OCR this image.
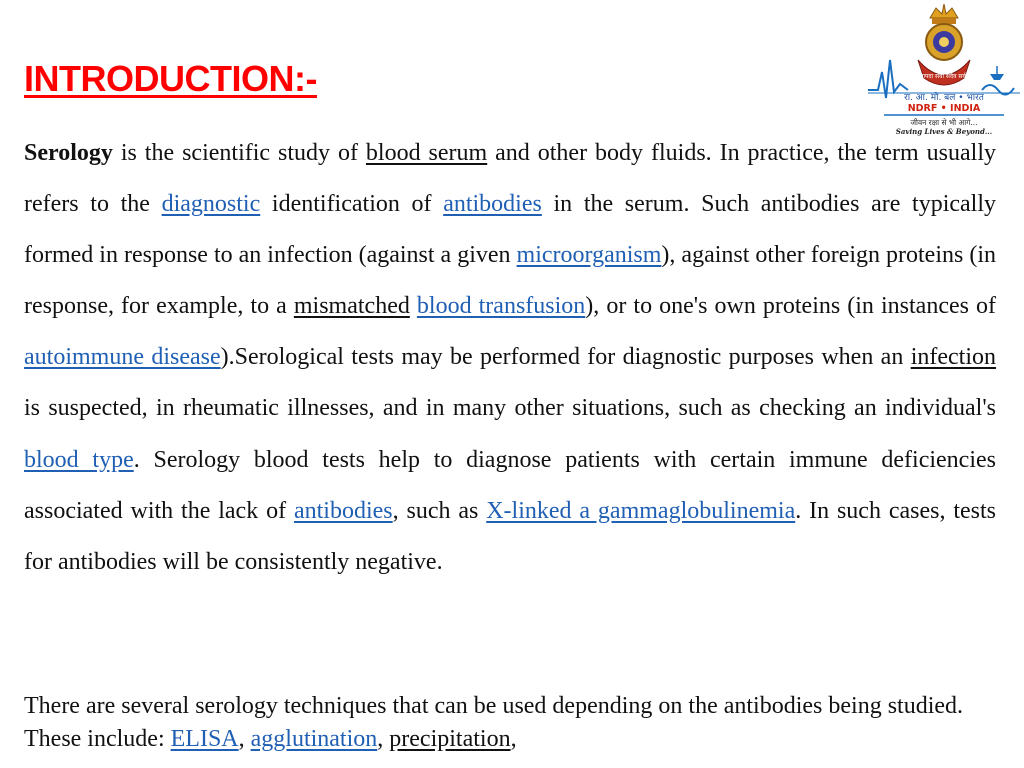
INTRODUCTION:-	आपदा सेवा सदैव सर्वत्र
रा. आ. मो. बल • भारत
NDRF • INDIA
जीवन रक्षा से भी आगे...
Saving Lives & Beyond...

Serology is the scientific study of blood serum and other body fluids. In practice, the term usually refers to the diagnostic identification of antibodies in the serum. Such antibodies are typically formed in response to an infection (against a given microorganism), against other foreign proteins (in response, for example, to a mismatched blood transfusion), or to one's own proteins (in instances of autoimmune disease).Serological tests may be performed for diagnostic purposes when an infection is suspected, in rheumatic illnesses, and in many other situations, such as checking an individual's blood type. Serology blood tests help to diagnose patients with certain immune deficiencies associated with the lack of antibodies, such as X-linked a gammaglobulinemia. In such cases, tests for antibodies will be consistently negative.

There are several serology techniques that can be used depending on the antibodies being studied. These include: ELISA, agglutination, precipitation,
